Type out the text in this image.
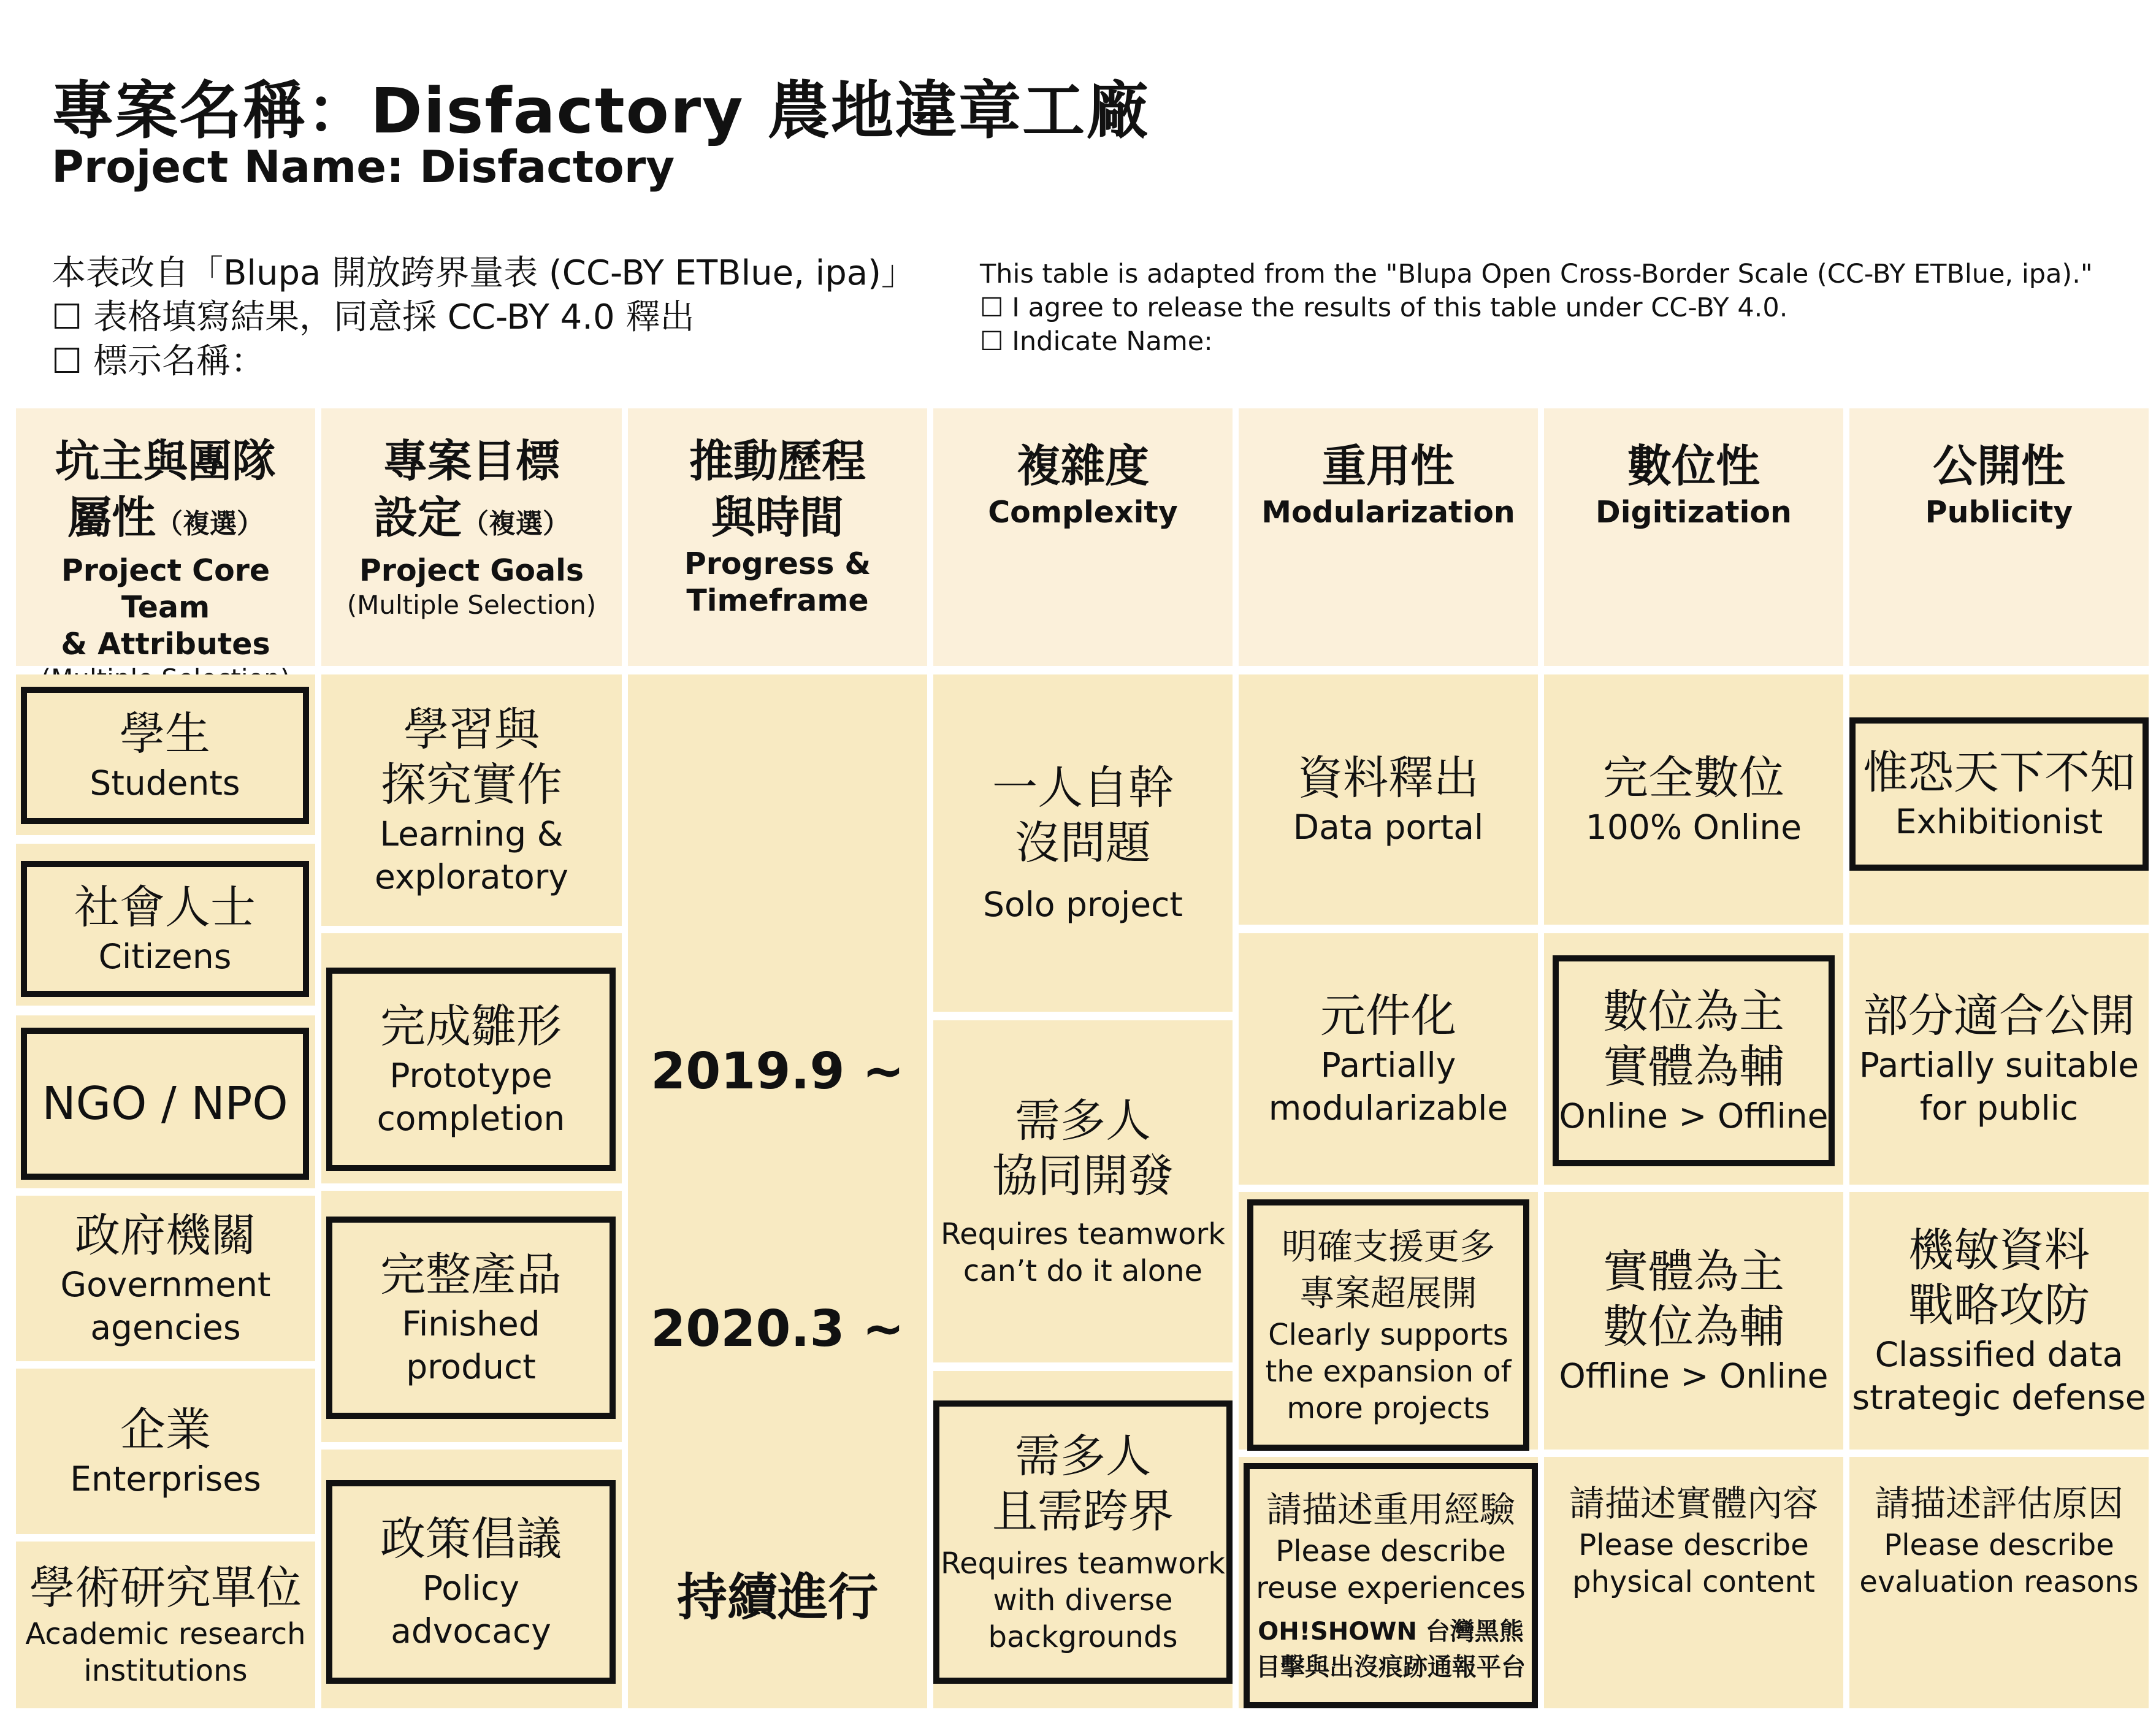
專案名稱：Disfactory 農地違章工廠
Project Name: Disfactory
本表改自「Blupa 開放跨界量表 (CC-BY ETBlue, ipa)」
☐ 表格填寫結果，同意採 CC-BY 4.0 釋出
☐ 標示名稱：
This table is adapted from the "Blupa Open Cross-Border Scale (CC-BY ETBlue, ipa)."
☐ I agree to release the results of this table under CC-BY 4.0.
☐ Indicate Name:
坑主與團隊
屬性（複選）
Project Core Team
& Attributes
專案目標
設定（複選）
Project Goals
(Multiple Selection)
推動歷程
與時間
Progress &
Timeframe
複雜度
Complexity
重用性
Modularization
數位性
Digitization
公開性
Publicity
學生
Students
社會人士
Citizens
NGO / NPO
政府機關
Government agencies
企業
Enterprises
學術研究單位
Academic research institutions
學習與
探究實作
Learning &
exploratory
完成雛形
Prototype
completion
完整產品
Finished
product
政策倡議
Policy
advocacy
2019.9 ~
2020.3 ~
持續進行
一人自幹
沒問題
Solo project
需多人
協同開發
Requires teamwork
can’t do it alone
需多人
且需跨界
Requires teamwork
with diverse
backgrounds
資料釋出
Data portal
元件化
Partially
modularizable
明確支援更多
專案超展開
Clearly supports
the expansion of
more projects
請描述重用經驗
Please describe
reuse experiences
OH!SHOWN 台灣黑熊
目擊與出沒痕跡通報平台
完全數位
100% Online
數位為主
實體為輔
Online > Offline
實體為主
數位為輔
Offline > Online
請描述實體內容
Please describe
physical content
惟恐天下不知
Exhibitionist
部分適合公開
Partially suitable
for public
機敏資料
戰略攻防
Classified data
strategic defense
請描述評估原因
Please describe
evaluation reasons
